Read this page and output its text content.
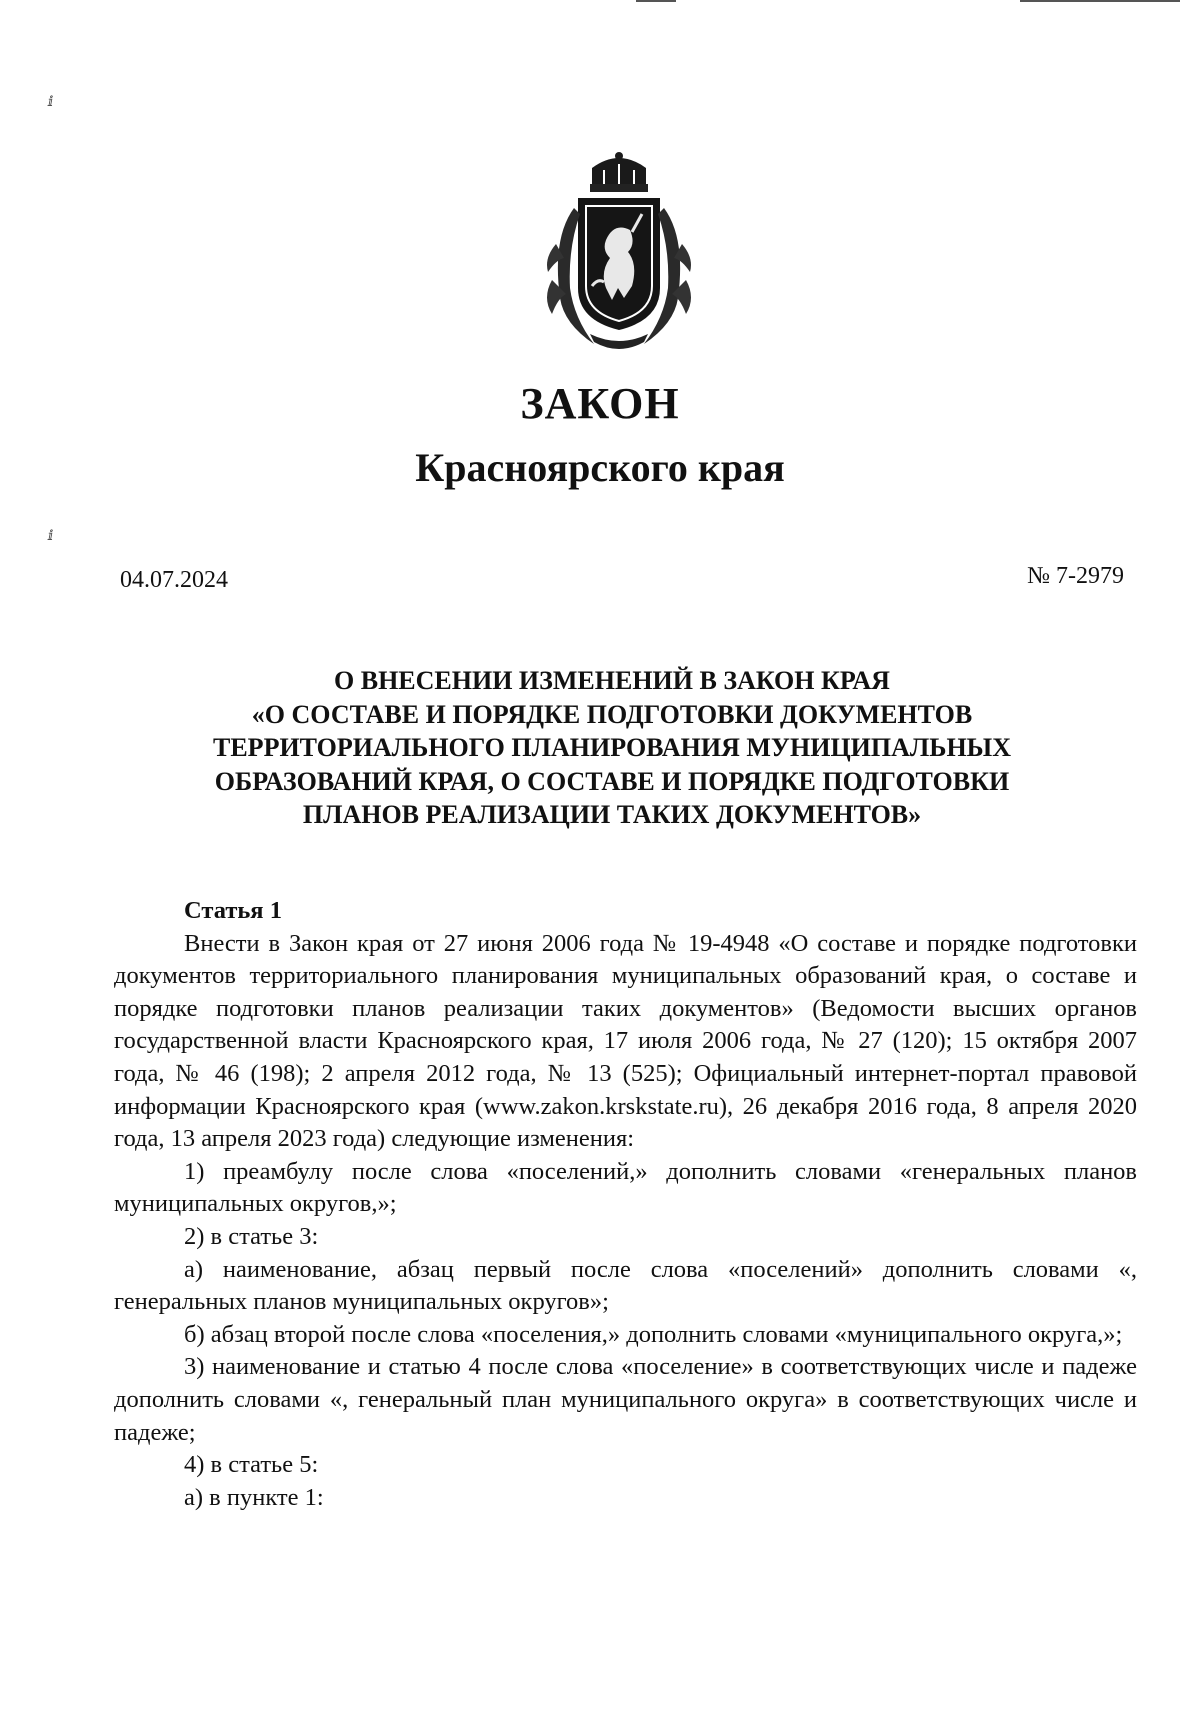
ⅈ
ⅈ
ЗАКОН
Красноярского края
04.07.2024	№ 7-2979
О ВНЕСЕНИИ ИЗМЕНЕНИЙ В ЗАКОН КРАЯ
«О СОСТАВЕ И ПОРЯДКЕ ПОДГОТОВКИ ДОКУМЕНТОВ
ТЕРРИТОРИАЛЬНОГО ПЛАНИРОВАНИЯ МУНИЦИПАЛЬНЫХ
ОБРАЗОВАНИЙ КРАЯ, О СОСТАВЕ И ПОРЯДКЕ ПОДГОТОВКИ
ПЛАНОВ РЕАЛИЗАЦИИ ТАКИХ ДОКУМЕНТОВ»

Статья 1

Внести в Закон края от 27 июня 2006 года № 19-4948 «О составе и порядке подготовки документов территориального планирования муниципальных образований края, о составе и порядке подготовки планов реализации таких документов» (Ведомости высших органов государственной власти Красноярского края, 17 июля 2006 года, № 27 (120); 15 октября 2007 года, № 46 (198); 2 апреля 2012 года, № 13 (525); Официальный интернет-портал правовой информации Красноярского края (www.zakon.krskstate.ru), 26 декабря 2016 года, 8 апреля 2020 года, 13 апреля 2023 года) следующие изменения:

1) преамбулу после слова «поселений,» дополнить словами «генеральных планов муниципальных округов,»;

2) в статье 3:

а) наименование, абзац первый после слова «поселений» дополнить словами «, генеральных планов муниципальных округов»;

б) абзац второй после слова «поселения,» дополнить словами «муниципального округа,»;

3) наименование и статью 4 после слова «поселение» в соответствующих числе и падеже дополнить словами «, генеральный план муниципального округа» в соответствующих числе и падеже;

4) в статье 5:

а) в пункте 1:
